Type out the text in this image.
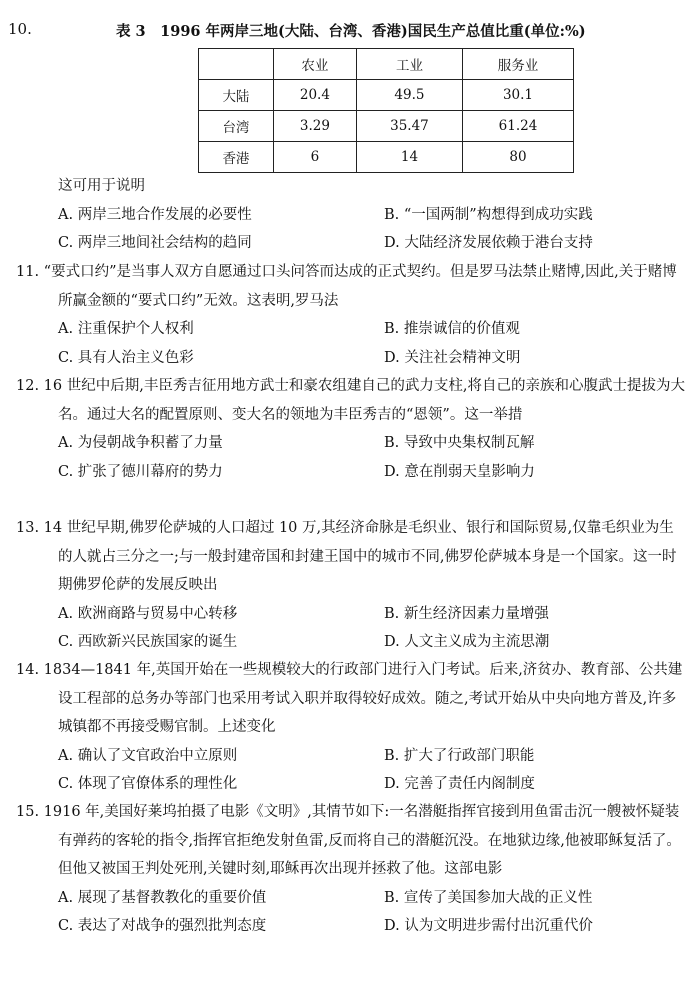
10.	表 3　1996 年两岸三地(大陆、台湾、香港)国民生产总值比重(单位:%)
	农业	工业	服务业
大陆	20.4	49.5	30.1
台湾	3.29	35.47	61.24
香港	6	14	80
这可用于说明
A. 两岸三地合作发展的必要性	B. “一国两制”构想得到成功实践
C. 两岸三地间社会结构的趋同	D. 大陆经济发展依赖于港台支持
11. “要式口约”是当事人双方自愿通过口头问答而达成的正式契约。但是罗马法禁止赌博,因此,关于赌博所赢金额的“要式口约”无效。这表明,罗马法
A. 注重保护个人权利	B. 推崇诚信的价值观
C. 具有人治主义色彩	D. 关注社会精神文明
12. 16 世纪中后期,丰臣秀吉征用地方武士和豪农组建自己的武力支柱,将自己的亲族和心腹武士提拔为大名。通过大名的配置原则、变大名的领地为丰臣秀吉的“恩领”。这一举措
A. 为侵朝战争积蓄了力量	B. 导致中央集权制瓦解
C. 扩张了德川幕府的势力	D. 意在削弱天皇影响力
13. 14 世纪早期,佛罗伦萨城的人口超过 10 万,其经济命脉是毛织业、银行和国际贸易,仅靠毛织业为生的人就占三分之一;与一般封建帝国和封建王国中的城市不同,佛罗伦萨城本身是一个国家。这一时期佛罗伦萨的发展反映出
A. 欧洲商路与贸易中心转移	B. 新生经济因素力量增强
C. 西欧新兴民族国家的诞生	D. 人文主义成为主流思潮
14. 1834—1841 年,英国开始在一些规模较大的行政部门进行入门考试。后来,济贫办、教育部、公共建设工程部的总务办等部门也采用考试入职并取得较好成效。随之,考试开始从中央向地方普及,许多城镇都不再接受赐官制。上述变化
A. 确认了文官政治中立原则	B. 扩大了行政部门职能
C. 体现了官僚体系的理性化	D. 完善了责任内阁制度
15. 1916 年,美国好莱坞拍摄了电影《文明》,其情节如下:一名潜艇指挥官接到用鱼雷击沉一艘被怀疑装有弹药的客轮的指令,指挥官拒绝发射鱼雷,反而将自己的潜艇沉没。在地狱边缘,他被耶稣复活了。但他又被国王判处死刑,关键时刻,耶稣再次出现并拯救了他。这部电影
A. 展现了基督教教化的重要价值	B. 宣传了美国参加大战的正义性
C. 表达了对战争的强烈批判态度	D. 认为文明进步需付出沉重代价
